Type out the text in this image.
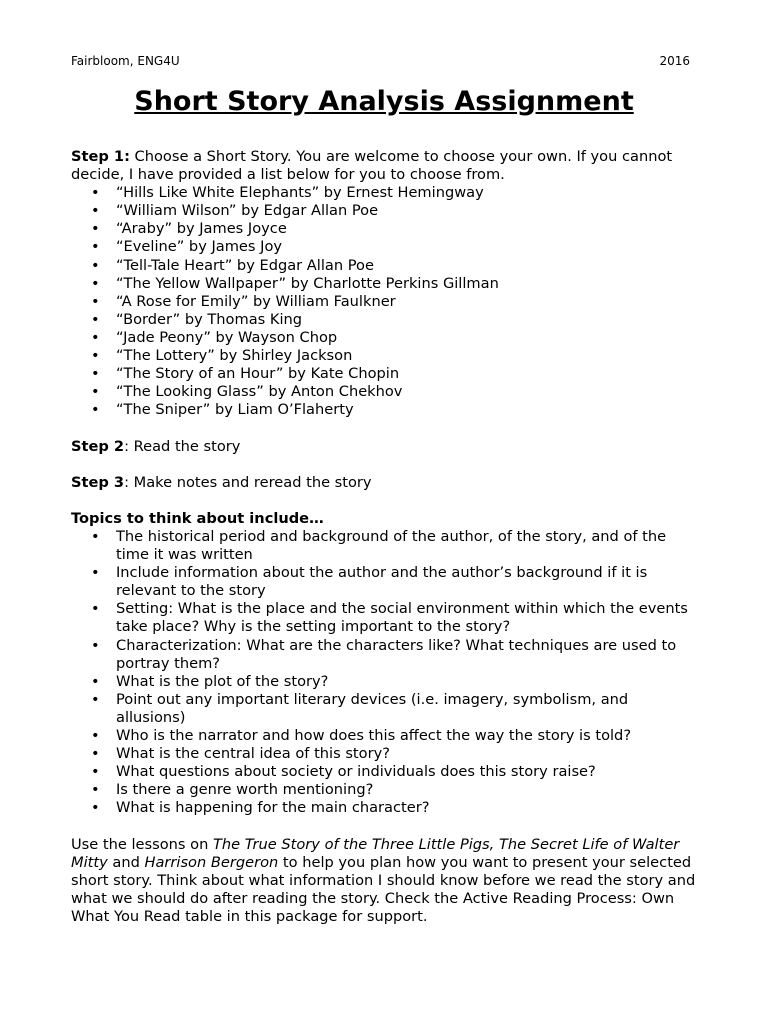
Fairbloom, ENG4U	2016
Short Story Analysis Assignment

Step 1: Choose a Short Story. You are welcome to choose your own. If you cannot decide, I have provided a list below for you to choose from.

• “Hills Like White Elephants” by Ernest Hemingway
• “William Wilson” by Edgar Allan Poe
• “Araby” by James Joyce
• “Eveline” by James Joy
• “Tell-Tale Heart” by Edgar Allan Poe
• “The Yellow Wallpaper” by Charlotte Perkins Gillman
• “A Rose for Emily” by William Faulkner
• “Border” by Thomas King
• “Jade Peony” by Wayson Chop
• “The Lottery” by Shirley Jackson
• “The Story of an Hour” by Kate Chopin
• “The Looking Glass” by Anton Chekhov
• “The Sniper” by Liam O’Flaherty

Step 2: Read the story

Step 3: Make notes and reread the story

Topics to think about include…

• The historical period and background of the author, of the story, and of the time it was written
• Include information about the author and the author’s background if it is relevant to the story
• Setting: What is the place and the social environment within which the events take place? Why is the setting important to the story?
• Characterization: What are the characters like? What techniques are used to portray them?
• What is the plot of the story?
• Point out any important literary devices (i.e. imagery, symbolism, and allusions)
• Who is the narrator and how does this affect the way the story is told?
• What is the central idea of this story?
• What questions about society or individuals does this story raise?
• Is there a genre worth mentioning?
• What is happening for the main character?

Use the lessons on The True Story of the Three Little Pigs, The Secret Life of Walter Mitty and Harrison Bergeron to help you plan how you want to present your selected short story. Think about what information I should know before we read the story and what we should do after reading the story. Check the Active Reading Process: Own What You Read table in this package for support.
